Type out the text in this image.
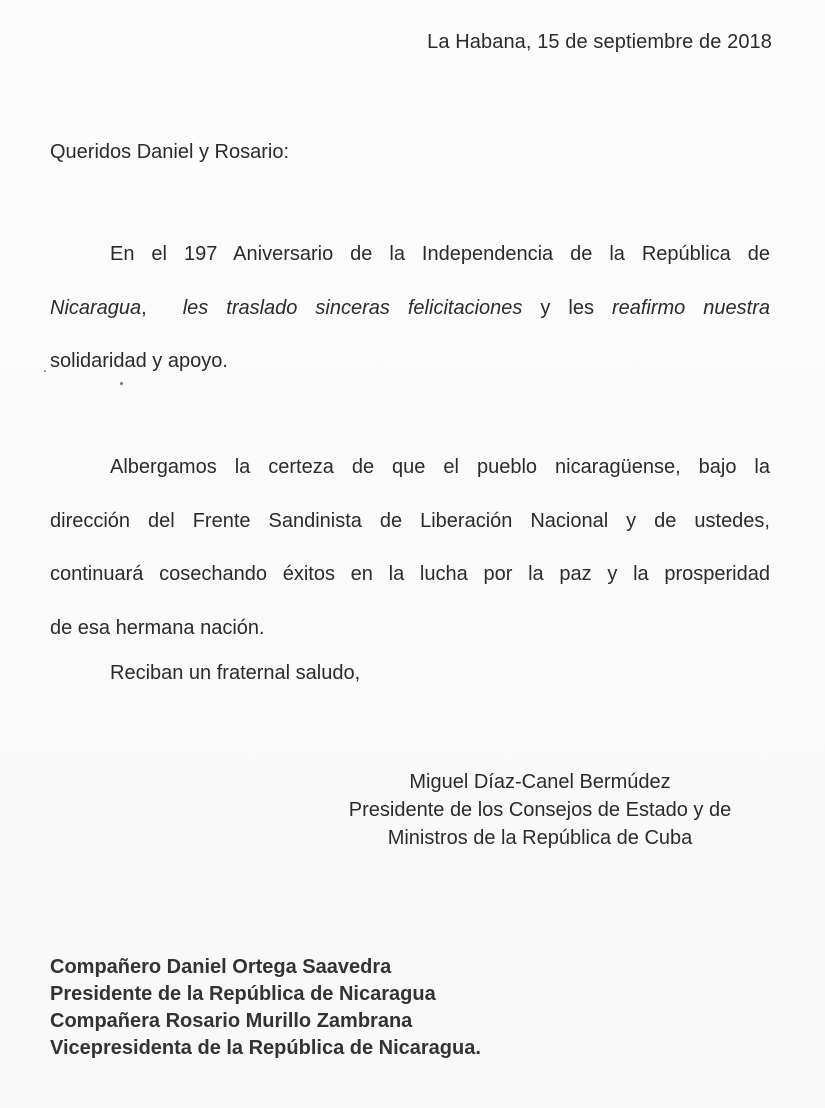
La Habana, 15 de septiembre de 2018
Queridos Daniel y Rosario:
En el 197 Aniversario de la Independencia de la República de
Nicaragua, les traslado sinceras felicitaciones y les reafirmo nuestra
solidaridad y apoyo.
Albergamos la certeza de que el pueblo nicaragüense, bajo la
dirección del Frente Sandinista de Liberación Nacional y de ustedes,
continuará cosechando éxitos en la lucha por la paz y la prosperidad
de esa hermana nación.
Reciban un fraternal saludo,
Miguel Díaz-Canel Bermúdez
Presidente de los Consejos de Estado y de
Ministros de la República de Cuba
Compañero Daniel Ortega Saavedra
Presidente de la República de Nicaragua
Compañera Rosario Murillo Zambrana
Vicepresidenta de la República de Nicaragua.
